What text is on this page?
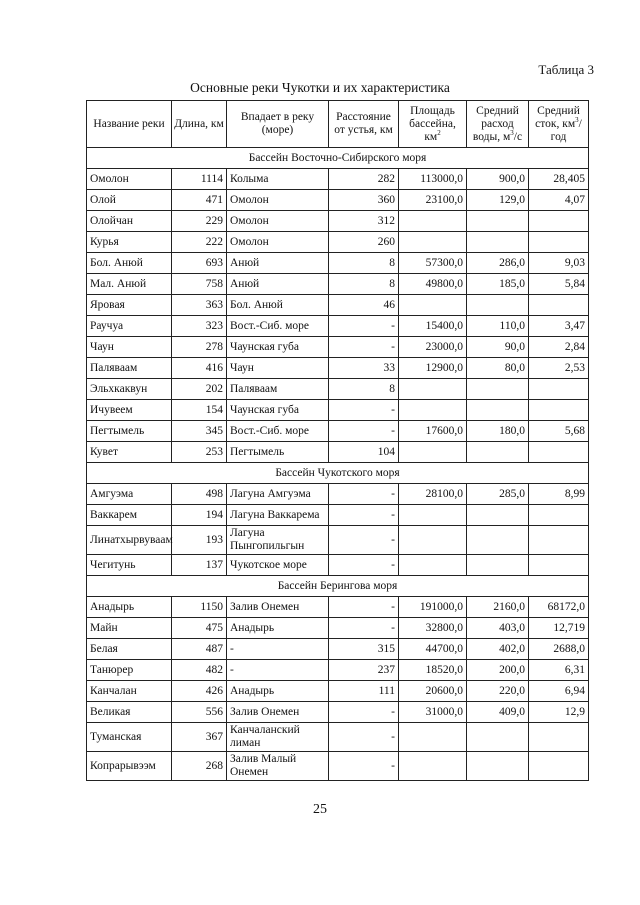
Таблица 3
Основные реки Чукотки и их характеристика
Название реки	Длина, км	Впадает в реку (море)	Расстояние от устья, км	Площадь бассейна, $км^2$	Средний расход воды, $м^3/с$	Средний сток, $км^3$/год
Бассейн Восточно-Сибирского моря						
Омолон	1114	Колыма	282	113000,0	900,0	28,405
Олой	471	Омолон	360	23100,0	129,0	4,07
Олойчан	229	Омолон	312			
Курья	222	Омолон	260			
Бол. Анюй	693	Анюй	8	57300,0	286,0	9,03
Мал. Анюй	758	Анюй	8	49800,0	185,0	5,84
Яровая	363	Бол. Анюй	46			
Раучуа	323	Вост.-Сиб. море	-	15400,0	110,0	3,47
Чаун	278	Чаунская губа	-	23000,0	90,0	2,84
Паляваам	416	Чаун	33	12900,0	80,0	2,53
Эльхкаквун	202	Паляваам	8			
Ичувеем	154	Чаунская губа	-			
Пегтымель	345	Вост.-Сиб. море	-	17600,0	180,0	5,68
Кувет	253	Пегтымель	104			
Бассейн Чукотского моря						
Амгуэма	498	Лагуна Амгуэма	-	28100,0	285,0	8,99
Ваккарем	194	Лагуна Ваккарема	-			
Линатхырвуваам	193	Лагуна Пынгопильгын	-			
Чегитунь	137	Чукотское море	-			
Бассейн Берингова моря						
Анадырь	1150	Залив Онемен	-	191000,0	2160,0	68172,0
Майн	475	Анадырь	-	32800,0	403,0	12,719
Белая	487	-	315	44700,0	402,0	2688,0
Танюрер	482	-	237	18520,0	200,0	6,31
Канчалан	426	Анадырь	111	20600,0	220,0	6,94
Великая	556	Залив Онемен	-	31000,0	409,0	12,9
Туманская	367	Канчаланский лиман	-			
Копрарывээм	268	Залив Малый Онемен	-			
25
